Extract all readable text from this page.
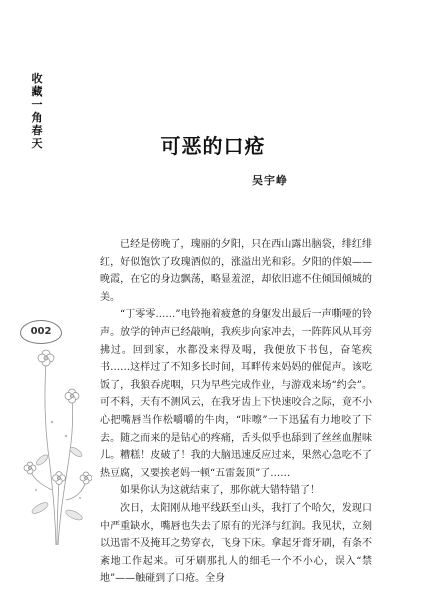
收藏一角春天	可恶的口疮
吴宇峥
002

已经是傍晚了，瑰丽的夕阳，只在西山露出脑袋，绯红绯红，好似饱饮了玫瑰酒似的，涨溢出光和彩。夕阳的伴娘——晚霞，在它的身边飘荡，略显羞涩，却依旧遮不住倾国倾城的美。

“丁零零……”电铃拖着疲惫的身躯发出最后一声嘶哑的铃声。放学的钟声已经敲响，我疾步向家冲去，一阵阵风从耳旁拂过。回到家，水都没来得及喝，我便放下书包，奋笔疾书……这样过了不知多长时间，耳畔传来妈妈的催促声。该吃饭了，我狼吞虎咽，只为早些完成作业，与游戏来场“约会”。可不料，天有不测风云，在我牙齿上下快速咬合之际，竟不小心把嘴唇当作松嚼嚼的牛肉，“咔嚓”一下迅猛有力地咬了下去。随之而来的是钻心的疼痛，舌头似乎也舔到了丝丝血腥味儿。糟糕！皮破了！我的大脑迅速反应过来，果然心急吃不了热豆腐，又要挨老妈一顿“五雷轰顶”了……

如果你认为这就结束了，那你就大错特错了！

次日，太阳刚从地平线跃至山头，我打了个哈欠，发现口中严重缺水，嘴唇也失去了原有的光泽与红润。我见状，立刻以迅雷不及掩耳之势穿衣，飞身下床。拿起牙膏牙刷，有条不紊地工作起来。可牙刷那扎人的细毛一个不小心，误入“禁地”——触碰到了口疮。全身
